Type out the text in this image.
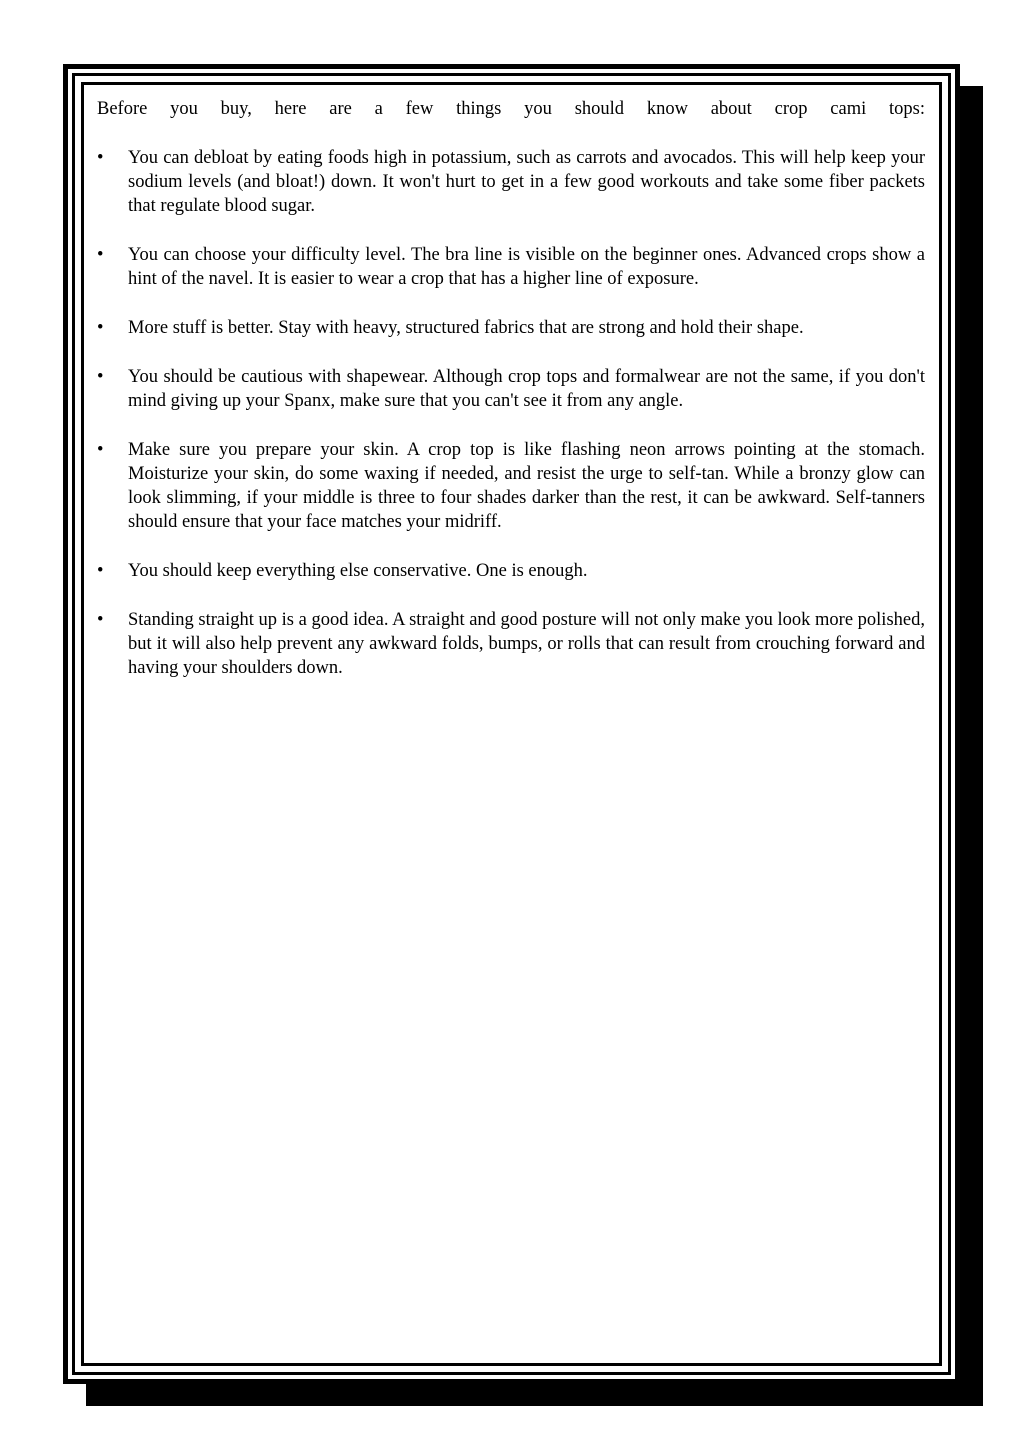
Before you buy, here are a few things you should know about crop cami tops:

• You can debloat by eating foods high in potassium, such as carrots and avocados. This will help keep your sodium levels (and bloat!) down. It won't hurt to get in a few good workouts and take some fiber packets that regulate blood sugar.
• You can choose your difficulty level. The bra line is visible on the beginner ones. Advanced crops show a hint of the navel. It is easier to wear a crop that has a higher line of exposure.
• More stuff is better. Stay with heavy, structured fabrics that are strong and hold their shape.
• You should be cautious with shapewear. Although crop tops and formalwear are not the same, if you don't mind giving up your Spanx, make sure that you can't see it from any angle.
• Make sure you prepare your skin. A crop top is like flashing neon arrows pointing at the stomach. Moisturize your skin, do some waxing if needed, and resist the urge to self-tan. While a bronzy glow can look slimming, if your middle is three to four shades darker than the rest, it can be awkward. Self-tanners should ensure that your face matches your midriff.
• You should keep everything else conservative. One is enough.
• Standing straight up is a good idea. A straight and good posture will not only make you look more polished, but it will also help prevent any awkward folds, bumps, or rolls that can result from crouching forward and having your shoulders down.
